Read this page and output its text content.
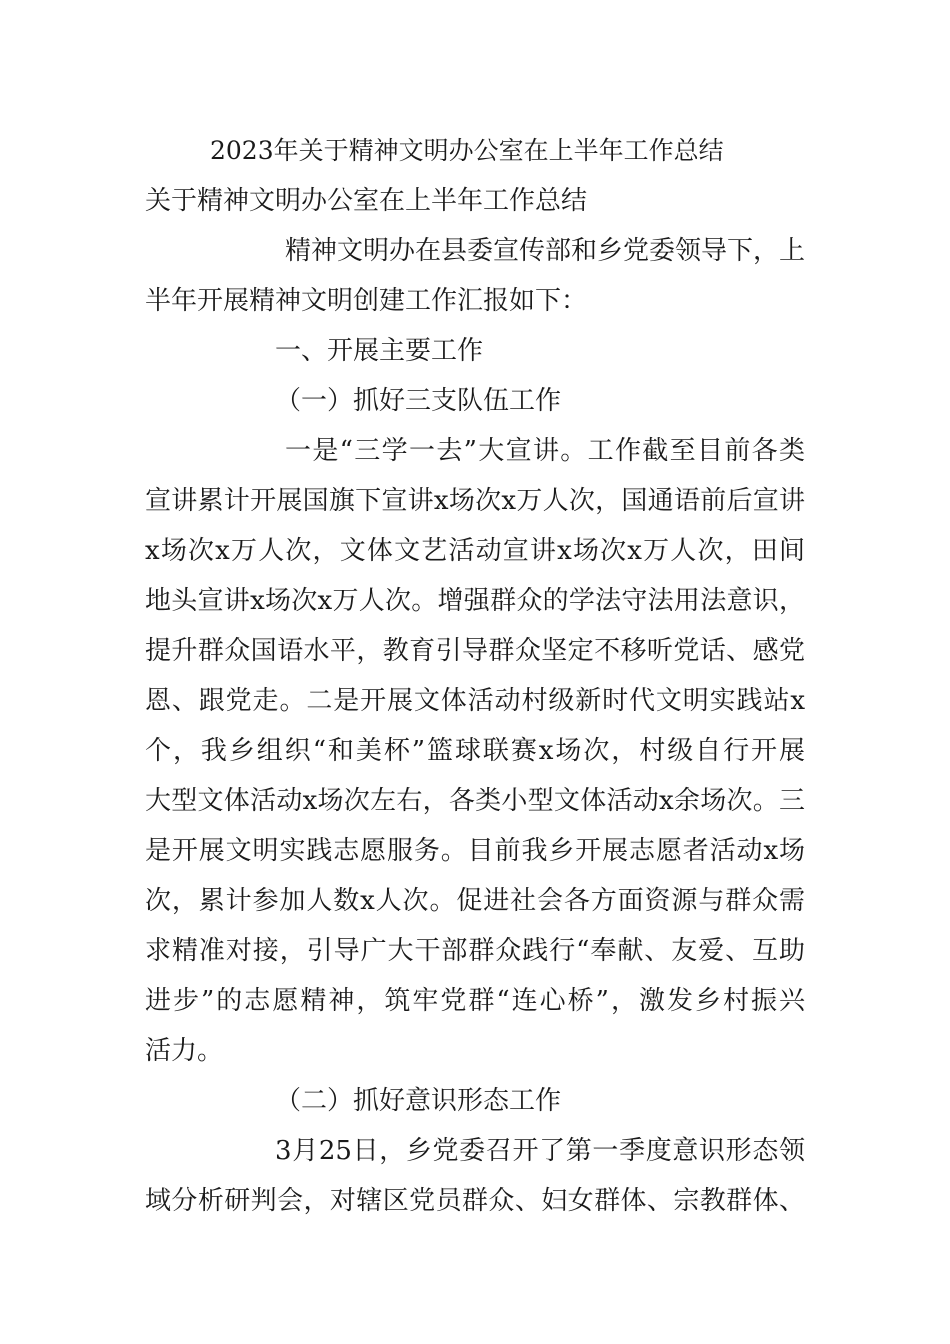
2023年关于精神文明办公室在上半年工作总结
关于精神文明办公室在上半年工作总结
精神文明办在县委宣传部和乡党委领导下，上
半年开展精神文明创建工作汇报如下：
一、开展主要工作
（一）抓好三支队伍工作
一是“三学一去”大宣讲。工作截至目前各类
宣讲累计开展国旗下宣讲x场次x万人次，国通语前后宣讲
x场次x万人次，文体文艺活动宣讲x场次x万人次，田间
地头宣讲x场次x万人次。增强群众的学法守法用法意识，
提升群众国语水平，教育引导群众坚定不移听党话、感党
恩、跟党走。二是开展文体活动村级新时代文明实践站x
个，我乡组织“和美杯”篮球联赛x场次，村级自行开展
大型文体活动x场次左右，各类小型文体活动x余场次。三
是开展文明实践志愿服务。目前我乡开展志愿者活动x场
次，累计参加人数x人次。促进社会各方面资源与群众需
求精准对接，引导广大干部群众践行“奉献、友爱、互助
进步”的志愿精神，筑牢党群“连心桥”，激发乡村振兴
活力。
（二）抓好意识形态工作
3月25日，乡党委召开了第一季度意识形态领
域分析研判会，对辖区党员群众、妇女群体、宗教群体、
